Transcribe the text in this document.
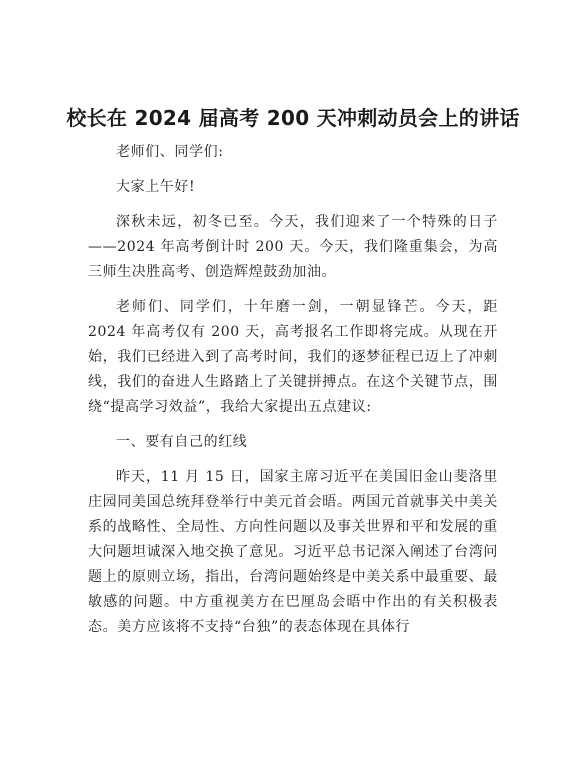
校长在 2024 届高考 200 天冲刺动员会上的讲话

老师们、同学们:

大家上午好!

深秋未远，初冬已至。今天，我们迎来了一个特殊的日子——2024 年高考倒计时 200 天。今天，我们隆重集会，为高三师生决胜高考、创造辉煌鼓劲加油。

老师们、同学们，十年磨一剑，一朝显锋芒。今天，距 2024 年高考仅有 200 天，高考报名工作即将完成。从现在开始，我们已经进入到了高考时间，我们的逐梦征程已迈上了冲刺线，我们的奋进人生路踏上了关键拼搏点。在这个关键节点，围绕“提高学习效益”，我给大家提出五点建议:

一、要有自己的红线

昨天，11 月 15 日，国家主席习近平在美国旧金山斐洛里庄园同美国总统拜登举行中美元首会晤。两国元首就事关中美关系的战略性、全局性、方向性问题以及事关世界和平和发展的重大问题坦诚深入地交换了意见。习近平总书记深入阐述了台湾问题上的原则立场，指出，台湾问题始终是中美关系中最重要、最敏感的问题。中方重视美方在巴厘岛会晤中作出的有关积极表态。美方应该将不支持“台独”的表态体现在具体行
